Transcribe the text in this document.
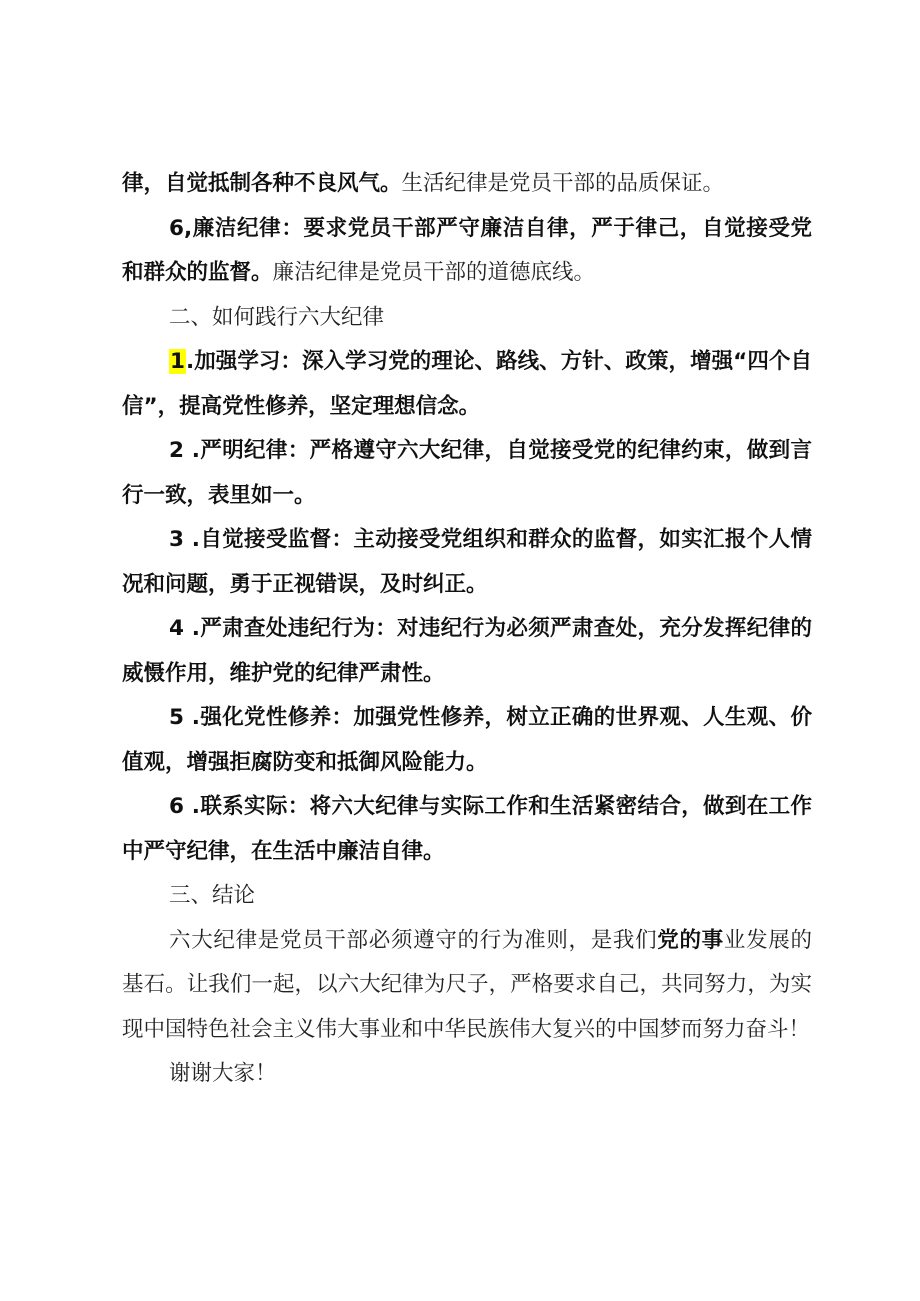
律，自觉抵制各种不良风气。生活纪律是党员干部的品质保证。

6,廉洁纪律：要求党员干部严守廉洁自律，严于律己，自觉接受党和群众的监督。廉洁纪律是党员干部的道德底线。

二、如何践行六大纪律

1.加强学习：深入学习党的理论、路线、方针、政策，增强“四个自信”，提高党性修养，坚定理想信念。

2 .严明纪律：严格遵守六大纪律，自觉接受党的纪律约束，做到言行一致，表里如一。

3 .自觉接受监督：主动接受党组织和群众的监督，如实汇报个人情况和问题，勇于正视错误，及时纠正。

4 .严肃查处违纪行为：对违纪行为必须严肃查处，充分发挥纪律的威慑作用，维护党的纪律严肃性。

5 .强化党性修养：加强党性修养，树立正确的世界观、人生观、价值观，增强拒腐防变和抵御风险能力。

6 .联系实际：将六大纪律与实际工作和生活紧密结合，做到在工作中严守纪律，在生活中廉洁自律。

三、结论

六大纪律是党员干部必须遵守的行为准则，是我们党的事业发展的基石。让我们一起，以六大纪律为尺子，严格要求自己，共同努力，为实现中国特色社会主义伟大事业和中华民族伟大复兴的中国梦而努力奋斗！

谢谢大家！
